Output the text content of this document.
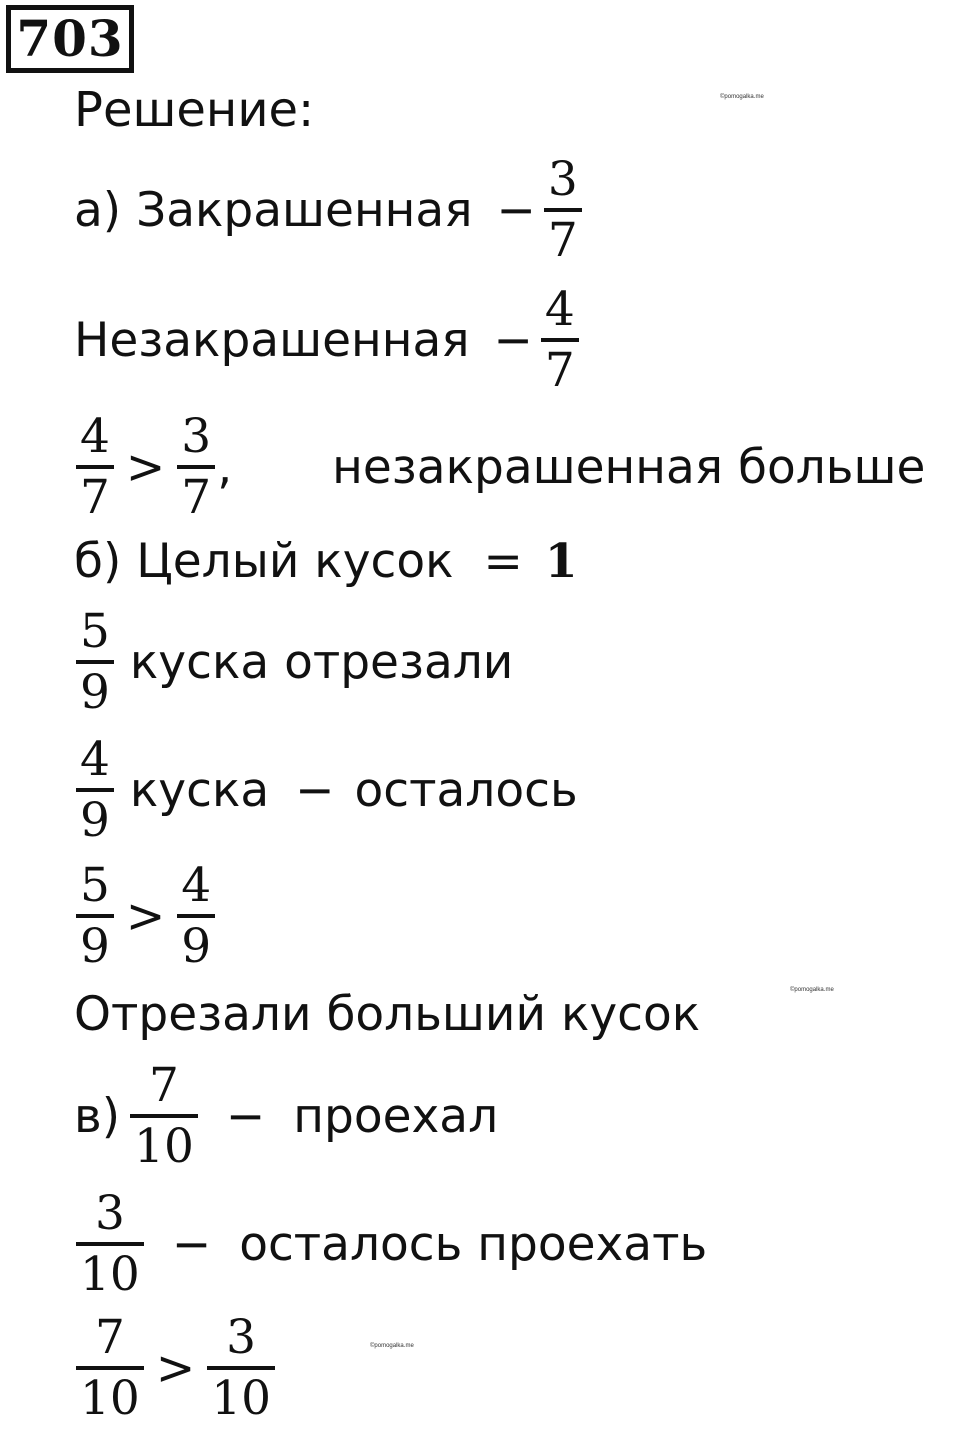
703
©pomogalka.me
©pomogalka.me
©pomogalka.me
Решение:
а) Закрашенная − $\frac{3}{7}$
Незакрашенная − $\frac{4}{7}$
$\frac{4}{7} > \frac{3}{7}$ , незакрашенная больше
б) Целый кусок = 1
$\frac{5}{9}$ куска отрезали
$\frac{4}{9}$ куска − осталось
$\frac{5}{9} > \frac{4}{9}$
Отрезали больший кусок
$в) \frac{7}{10}$ − проехал
$\frac{3}{10}$ − осталось проехать
$\frac{7}{10} > \frac{3}{10}$
